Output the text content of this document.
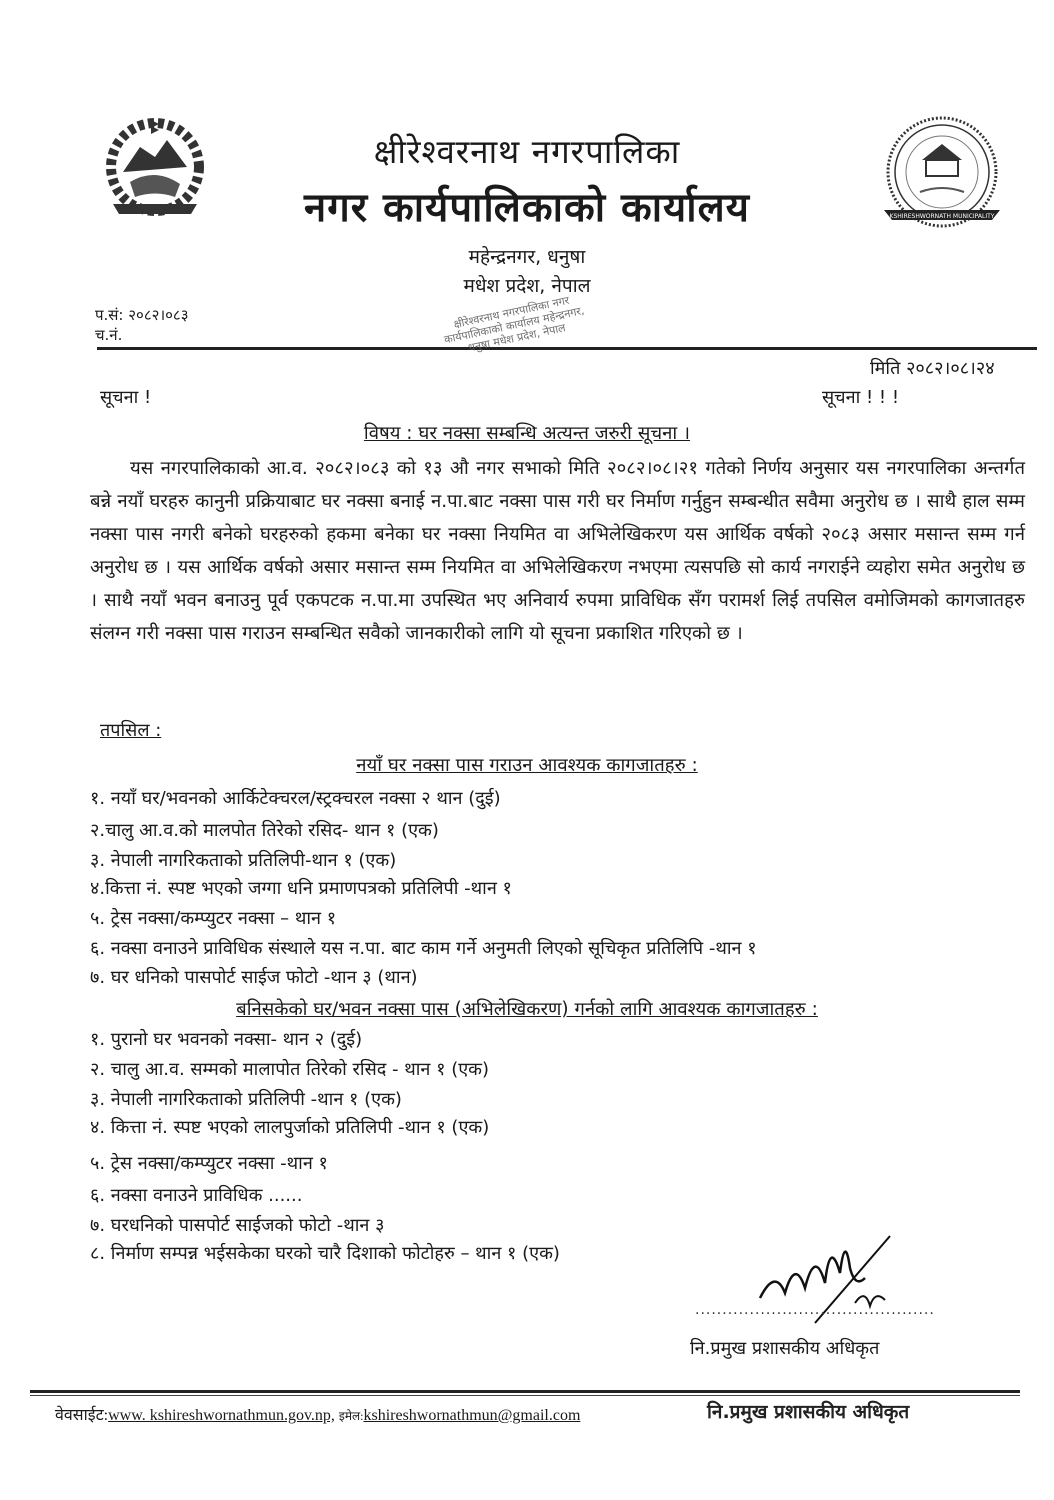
KSHIRESHWORNATH MUNICIPALITY
क्षीरेश्वरनाथ नगरपालिका
नगर कार्यपालिकाको कार्यालय
महेन्द्रनगर, धनुषा
मधेश प्रदेश, नेपाल
प.सं: २०८२।०८३
च.नं.
क्षीरेश्वरनाथ नगरपालिका नगर कार्यपालिकाको कार्यालय महेन्द्रनगर, धनुषा मधेश प्रदेश, नेपाल
मिति २०८२।०८।२४
सूचना !	सूचना ! ! !
विषय : घर नक्सा सम्बन्धि अत्यन्त जरुरी सूचना ।
यस नगरपालिकाको आ.व. २०८२।०८३ को १३ औ नगर सभाको मिति २०८२।०८।२१ गतेको निर्णय अनुसार यस नगरपालिका अन्तर्गत बन्ने नयाँ घरहरु कानुनी प्रक्रियाबाट घर नक्सा बनाई न.पा.बाट नक्सा पास गरी घर निर्माण गर्नुहुन सम्बन्धीत सवैमा अनुरोध छ । साथै हाल सम्म नक्सा पास नगरी बनेको घरहरुको हकमा बनेका घर नक्सा नियमित वा अभिलेखिकरण यस आर्थिक वर्षको २०८३ असार मसान्त सम्म गर्न अनुरोध छ । यस आर्थिक वर्षको असार मसान्त सम्म नियमित वा अभिलेखिकरण नभएमा त्यसपछि सो कार्य नगराईने व्यहोरा समेत अनुरोध छ । साथै नयाँ भवन बनाउनु पूर्व एकपटक न.पा.मा उपस्थित भए अनिवार्य रुपमा प्राविधिक सँग परामर्श लिई तपसिल वमोजिमको कागजातहरु संलग्न गरी नक्सा पास गराउन सम्बन्धित सवैको जानकारीको लागि यो सूचना प्रकाशित गरिएको छ ।
तपसिल :
नयाँ घर नक्सा पास गराउन आवश्यक कागजातहरु :
१. नयाँ घर/भवनको आर्किटेक्चरल/स्ट्रक्चरल नक्सा २ थान (दुई)
२.चालु आ.व.को मालपोत तिरेको रसिद- थान १ (एक)
३. नेपाली नागरिकताको प्रतिलिपी-थान १ (एक)
४.कित्ता नं. स्पष्ट भएको जग्गा धनि प्रमाणपत्रको प्रतिलिपी -थान १
५. ट्रेस नक्सा/कम्प्युटर नक्सा – थान १
६. नक्सा वनाउने प्राविधिक संस्थाले यस न.पा. बाट काम गर्ने अनुमती लिएको सूचिकृत प्रतिलिपि -थान १
७. घर धनिको पासपोर्ट साईज फोटो -थान ३ (थान)
बनिसकेको घर/भवन नक्सा पास (अभिलेखिकरण) गर्नको लागि आवश्यक कागजातहरु :
१. पुरानो घर भवनको नक्सा- थान २ (दुई)
२. चालु आ.व. सम्मको मालापोत तिरेको रसिद - थान १ (एक)
३. नेपाली नागरिकताको प्रतिलिपी -थान १ (एक)
४. कित्ता नं. स्पष्ट भएको लालपुर्जाको प्रतिलिपी -थान १ (एक)
५. ट्रेस नक्सा/कम्प्युटर नक्सा -थान १
६. नक्सा वनाउने प्राविधिक ......
७. घरधनिको पासपोर्ट साईजको फोटो -थान ३
८. निर्माण सम्पन्न भईसकेका घरको चारै दिशाको फोटोहरु – थान १ (एक)
............................................
नि.प्रमुख प्रशासकीय अधिकृत
वेवसाईट:www. kshireshwornathmun.gov.np, इमेल:kshireshwornathmun@gmail.com	नि.प्रमुख प्रशासकीय अधिकृत
